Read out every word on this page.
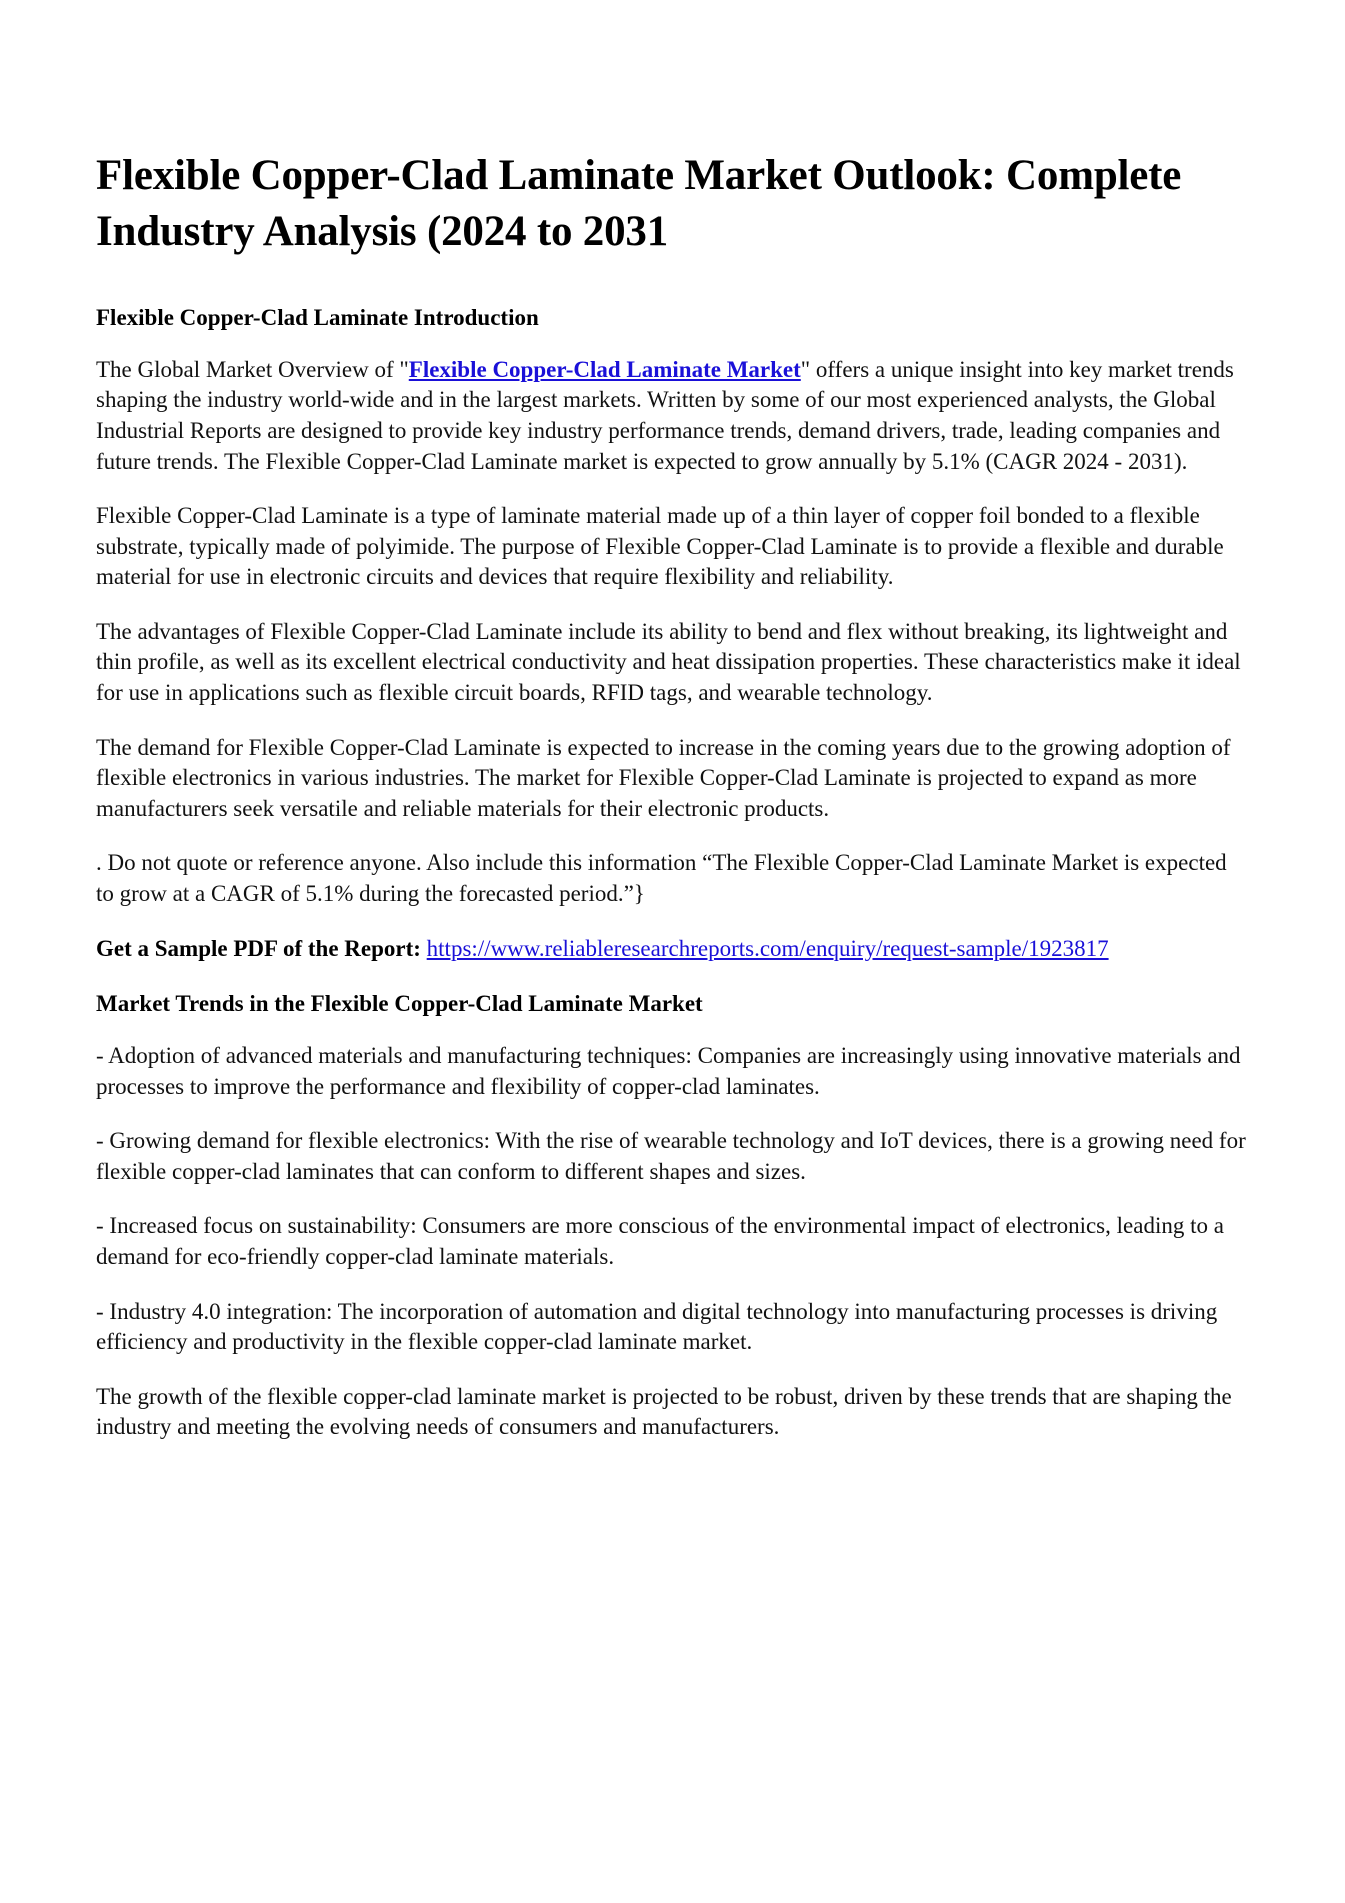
Flexible Copper-Clad Laminate Market Outlook: Complete Industry Analysis (2024 to 2031
Flexible Copper-Clad Laminate Introduction

The Global Market Overview of "Flexible Copper-Clad Laminate Market" offers a unique insight into key market trends shaping the industry world-wide and in the largest markets. Written by some of our most experienced analysts, the Global Industrial Reports are designed to provide key industry performance trends, demand drivers, trade, leading companies and future trends. The Flexible Copper-Clad Laminate market is expected to grow annually by 5.1% (CAGR 2024 - 2031).

Flexible Copper-Clad Laminate is a type of laminate material made up of a thin layer of copper foil bonded to a flexible substrate, typically made of polyimide. The purpose of Flexible Copper-Clad Laminate is to provide a flexible and durable material for use in electronic circuits and devices that require flexibility and reliability.

The advantages of Flexible Copper-Clad Laminate include its ability to bend and flex without breaking, its lightweight and thin profile, as well as its excellent electrical conductivity and heat dissipation properties. These characteristics make it ideal for use in applications such as flexible circuit boards, RFID tags, and wearable technology.

The demand for Flexible Copper-Clad Laminate is expected to increase in the coming years due to the growing adoption of flexible electronics in various industries. The market for Flexible Copper-Clad Laminate is projected to expand as more manufacturers seek versatile and reliable materials for their electronic products.

. Do not quote or reference anyone. Also include this information “The Flexible Copper-Clad Laminate Market is expected to grow at a CAGR of 5.1% during the forecasted period.”}

Get a Sample PDF of the Report: https://www.reliableresearchreports.com/enquiry/request-sample/1923817

Market Trends in the Flexible Copper-Clad Laminate Market

- Adoption of advanced materials and manufacturing techniques: Companies are increasingly using innovative materials and processes to improve the performance and flexibility of copper-clad laminates.

- Growing demand for flexible electronics: With the rise of wearable technology and IoT devices, there is a growing need for flexible copper-clad laminates that can conform to different shapes and sizes.

- Increased focus on sustainability: Consumers are more conscious of the environmental impact of electronics, leading to a demand for eco-friendly copper-clad laminate materials.

- Industry 4.0 integration: The incorporation of automation and digital technology into manufacturing processes is driving efficiency and productivity in the flexible copper-clad laminate market.

The growth of the flexible copper-clad laminate market is projected to be robust, driven by these trends that are shaping the industry and meeting the evolving needs of consumers and manufacturers.
